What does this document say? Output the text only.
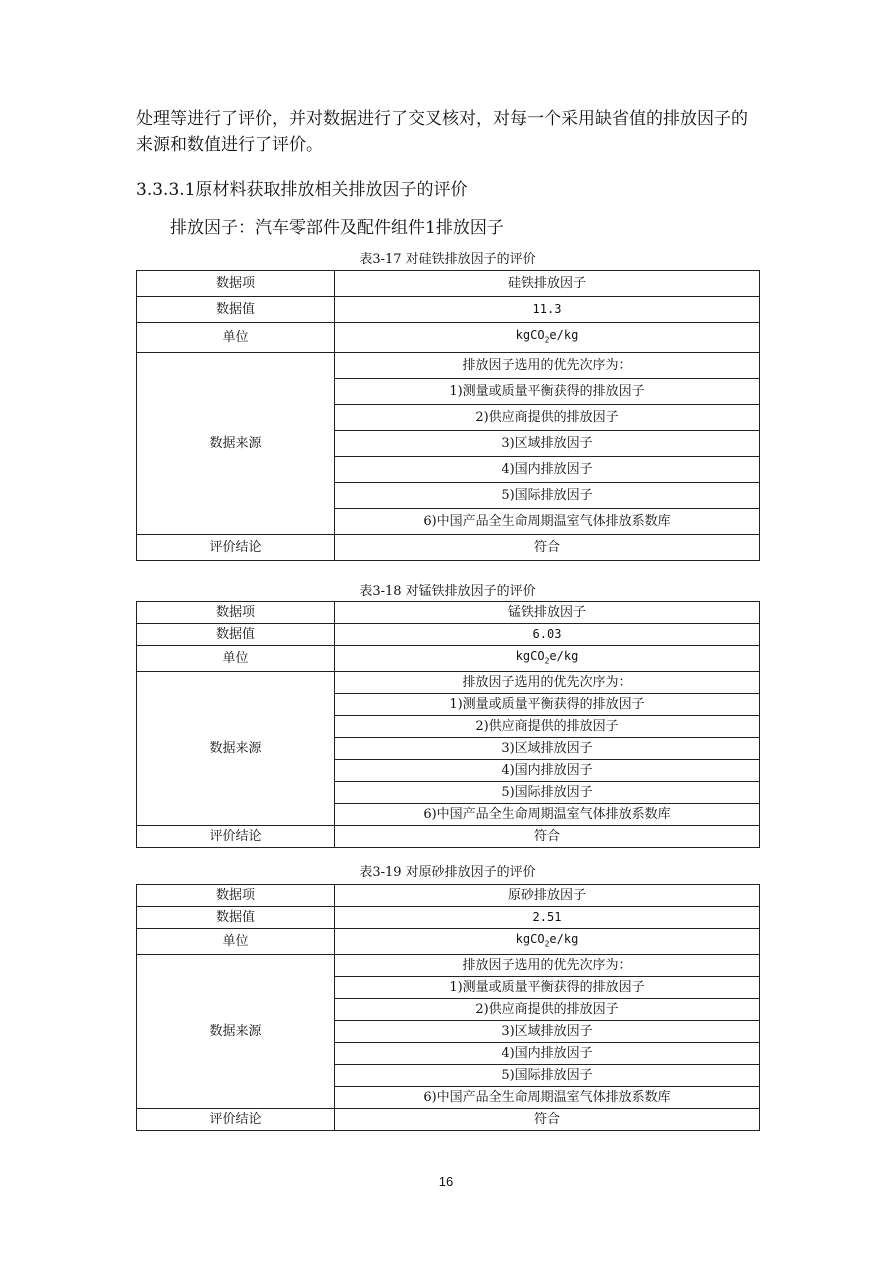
处理等进行了评价，并对数据进行了交叉核对，对每一个采用缺省值的排放因子的来源和数值进行了评价。

3.3.3.1原材料获取排放相关排放因子的评价
排放因子：汽车零部件及配件组件1排放因子
表3-17 对硅铁排放因子的评价
数据项	硅铁排放因子
数据值	11.3
单位	kgCO$_2$e/kg
数据来源	排放因子选用的优先次序为：
	1)测量或质量平衡获得的排放因子
	2)供应商提供的排放因子
	3)区域排放因子
	4)国内排放因子
	5)国际排放因子
	6)中国产品全生命周期温室气体排放系数库
评价结论	符合
表3-18 对锰铁排放因子的评价
数据项	锰铁排放因子
数据值	6.03
单位	kgCO$_2$e/kg
数据来源	排放因子选用的优先次序为：
	1)测量或质量平衡获得的排放因子
	2)供应商提供的排放因子
	3)区域排放因子
	4)国内排放因子
	5)国际排放因子
	6)中国产品全生命周期温室气体排放系数库
评价结论	符合
表3-19 对原砂排放因子的评价
数据项	原砂排放因子
数据值	2.51
单位	kgCO$_2$e/kg
数据来源	排放因子选用的优先次序为：
	1)测量或质量平衡获得的排放因子
	2)供应商提供的排放因子
	3)区域排放因子
	4)国内排放因子
	5)国际排放因子
	6)中国产品全生命周期温室气体排放系数库
评价结论	符合
16
